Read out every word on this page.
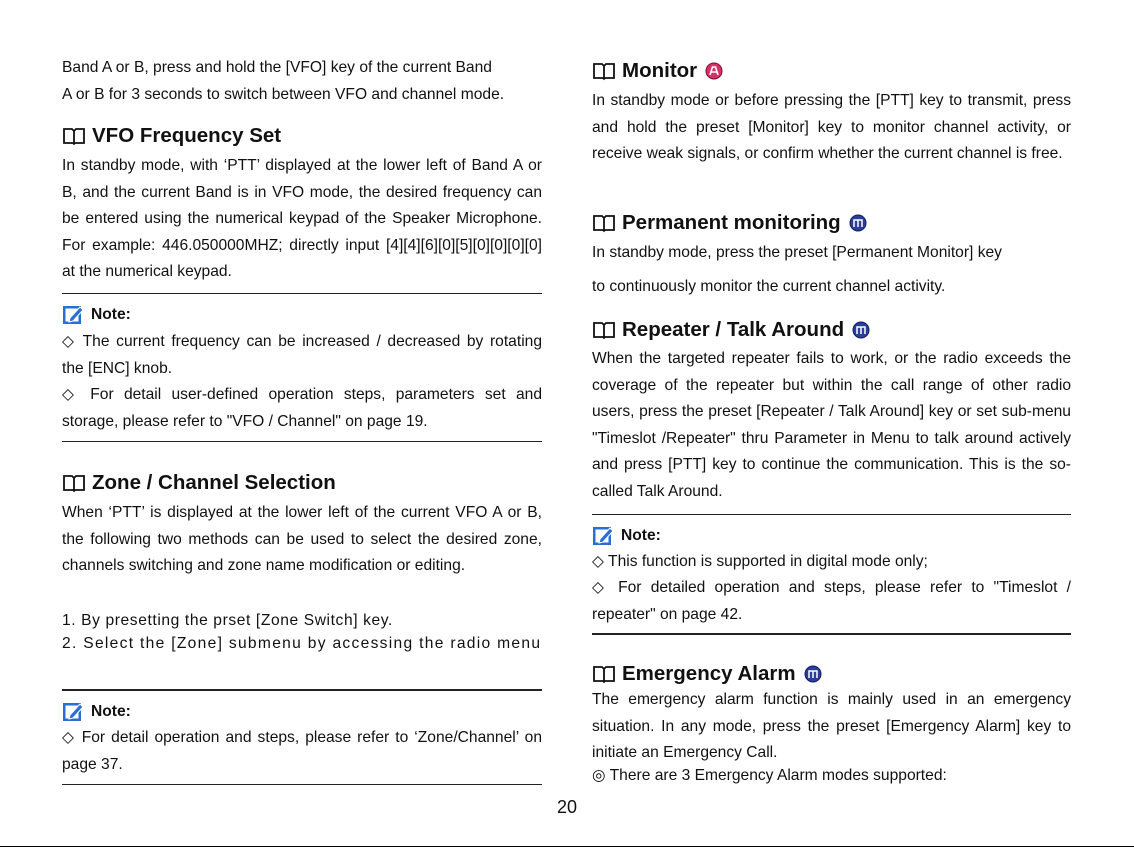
Band A or B, press and hold the [VFO] key of the current Band
A or B for 3 seconds to switch between VFO and channel mode.
VFO Frequency Set

In standby mode, with ‘PTT’ displayed at the lower left of Band A or B, and the current Band is in VFO mode, the desired frequency can be entered using the numerical keypad of the Speaker Microphone. For example: 446.050000MHZ; directly input [4][4][6][0][5][0][0][0][0] at the numerical keypad.

Note:

◇ The current frequency can be increased / decreased by rotating the [ENC] knob.

◇ For detail user-defined operation steps, parameters set and storage, please refer to "VFO / Channel" on page 19.

Zone / Channel Selection

When ‘PTT’ is displayed at the lower left of the current VFO A or B, the following two methods can be used to select the desired zone, channels switching and zone name modification or editing.

1. By presetting the prset [Zone Switch] key.

2. Select the [Zone] submenu by accessing the radio menu

Note:

◇ For detail operation and steps, please refer to ‘Zone/Channel’ on page 37.

Monitor

In standby mode or before pressing the [PTT] key to transmit, press and hold the preset [Monitor] key to monitor channel activity, or receive weak signals, or confirm whether the current channel is free.

Permanent monitoring
In standby mode, press the preset [Permanent Monitor] key
to continuously monitor the current channel activity.
Repeater / Talk Around

When the targeted repeater fails to work, or the radio exceeds the coverage of the repeater but within the call range of other radio users, press the preset [Repeater / Talk Around] key or set sub-menu "Timeslot /Repeater" thru Parameter in Menu to talk around actively and press [PTT] key to continue the communication. This is the so-called Talk Around.

Note:

◇ This function is supported in digital mode only;

◇ For detailed operation and steps, please refer to "Timeslot / repeater" on page 42.

Emergency Alarm

The emergency alarm function is mainly used in an emergency situation. In any mode, press the preset [Emergency Alarm] key to initiate an Emergency Call.

◎ There are 3 Emergency Alarm modes supported:
20
